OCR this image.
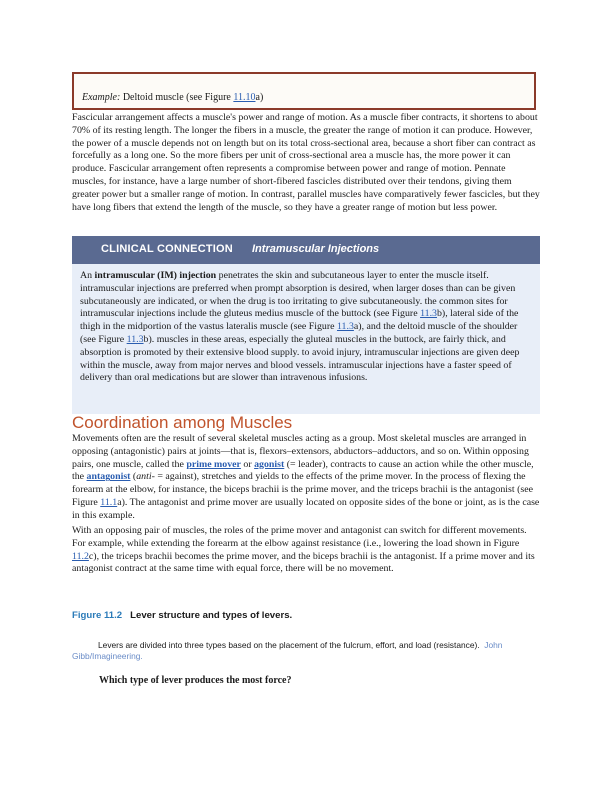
Example: Deltoid muscle (see Figure 11.10a)

Fascicular arrangement affects a muscle's power and range of motion. As a muscle fiber contracts, it shortens to about 70% of its resting length. The longer the fibers in a muscle, the greater the range of motion it can produce. However, the power of a muscle depends not on length but on its total cross-sectional area, because a short fiber can contract as forcefully as a long one. So the more fibers per unit of cross-sectional area a muscle has, the more power it can produce. Fascicular arrangement often represents a compromise between power and range of motion. Pennate muscles, for instance, have a large number of short-fibered fascicles distributed over their tendons, giving them greater power but a smaller range of motion. In contrast, parallel muscles have comparatively fewer fascicles, but they have long fibers that extend the length of the muscle, so they have a greater range of motion but less power.

CLINICAL CONNECTION Intramuscular Injections

An intramuscular (IM) injection penetrates the skin and subcutaneous layer to enter the muscle itself. intramuscular injections are preferred when prompt absorption is desired, when larger doses than can be given subcutaneously are indicated, or when the drug is too irritating to give subcutaneously. the common sites for intramuscular injections include the gluteus medius muscle of the buttock (see Figure 11.3b), lateral side of the thigh in the midportion of the vastus lateralis muscle (see Figure 11.3a), and the deltoid muscle of the shoulder (see Figure 11.3b). muscles in these areas, especially the gluteal muscles in the buttock, are fairly thick, and absorption is promoted by their extensive blood supply. to avoid injury, intramuscular injections are given deep within the muscle, away from major nerves and blood vessels. intramuscular injections have a faster speed of delivery than oral medications but are slower than intravenous infusions.

Coordination among Muscles

Movements often are the result of several skeletal muscles acting as a group. Most skeletal muscles are arranged in opposing (antagonistic) pairs at joints—that is, flexors–extensors, abductors–adductors, and so on. Within opposing pairs, one muscle, called the prime mover or agonist (= leader), contracts to cause an action while the other muscle, the antagonist (anti- = against), stretches and yields to the effects of the prime mover. In the process of flexing the forearm at the elbow, for instance, the biceps brachii is the prime mover, and the triceps brachii is the antagonist (see Figure 11.1a). The antagonist and prime mover are usually located on opposite sides of the bone or joint, as is the case in this example.

With an opposing pair of muscles, the roles of the prime mover and antagonist can switch for different movements. For example, while extending the forearm at the elbow against resistance (i.e., lowering the load shown in Figure 11.2c), the triceps brachii becomes the prime mover, and the biceps brachii is the antagonist. If a prime mover and its antagonist contract at the same time with equal force, there will be no movement.

Figure 11.2 Lever structure and types of levers.
Levers are divided into three types based on the placement of the fulcrum, effort, and load (resistance). John Gibb/Imagineering.
Which type of lever produces the most force?
